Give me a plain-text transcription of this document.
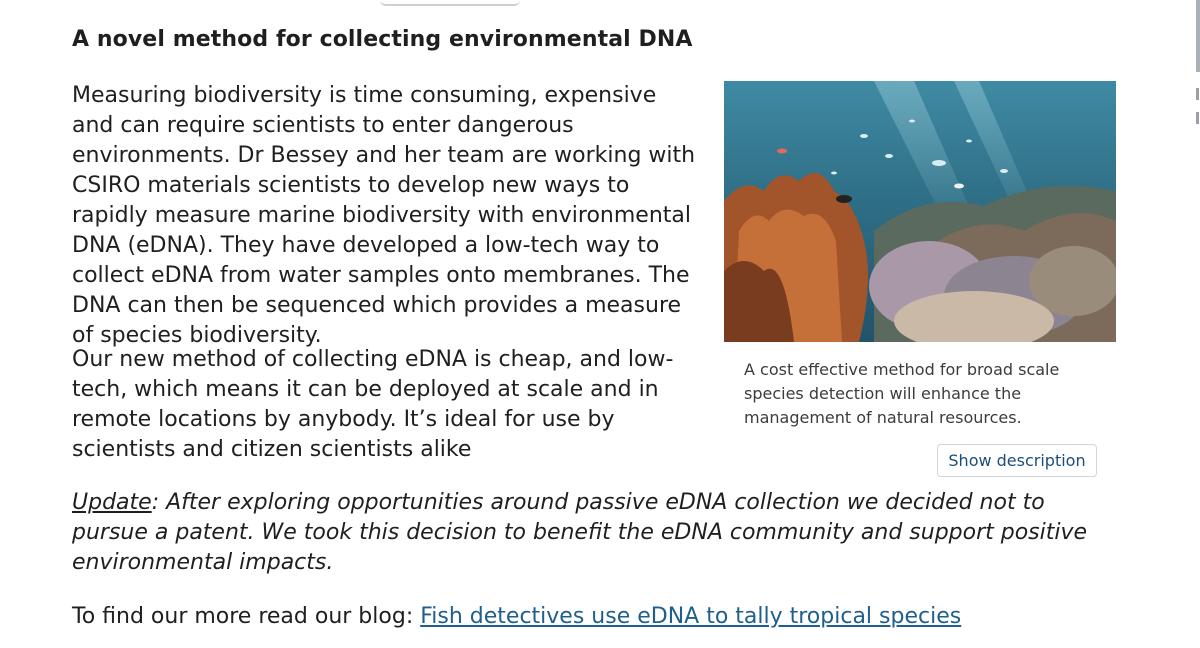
A novel method for collecting environmental DNA

Measuring biodiversity is time consuming, expensive and can require scientists to enter dangerous environments. Dr Bessey and her team are working with CSIRO materials scientists to develop new ways to rapidly measure marine biodiversity with environmental DNA (eDNA). They have developed a low-tech way to collect eDNA from water samples onto membranes. The DNA can then be sequenced which provides a measure of species biodiversity.

Our new method of collecting eDNA is cheap, and low-tech, which means it can be deployed at scale and in remote locations by anybody. It’s ideal for use by scientists and citizen scientists alike

Update: After exploring opportunities around passive eDNA collection we decided not to pursue a patent. We took this decision to benefit the eDNA community and support positive environmental impacts.

To find our more read our blog: Fish detectives use eDNA to tally tropical species

A cost effective method for broad scale species detection will enhance the management of natural resources.

Show description
